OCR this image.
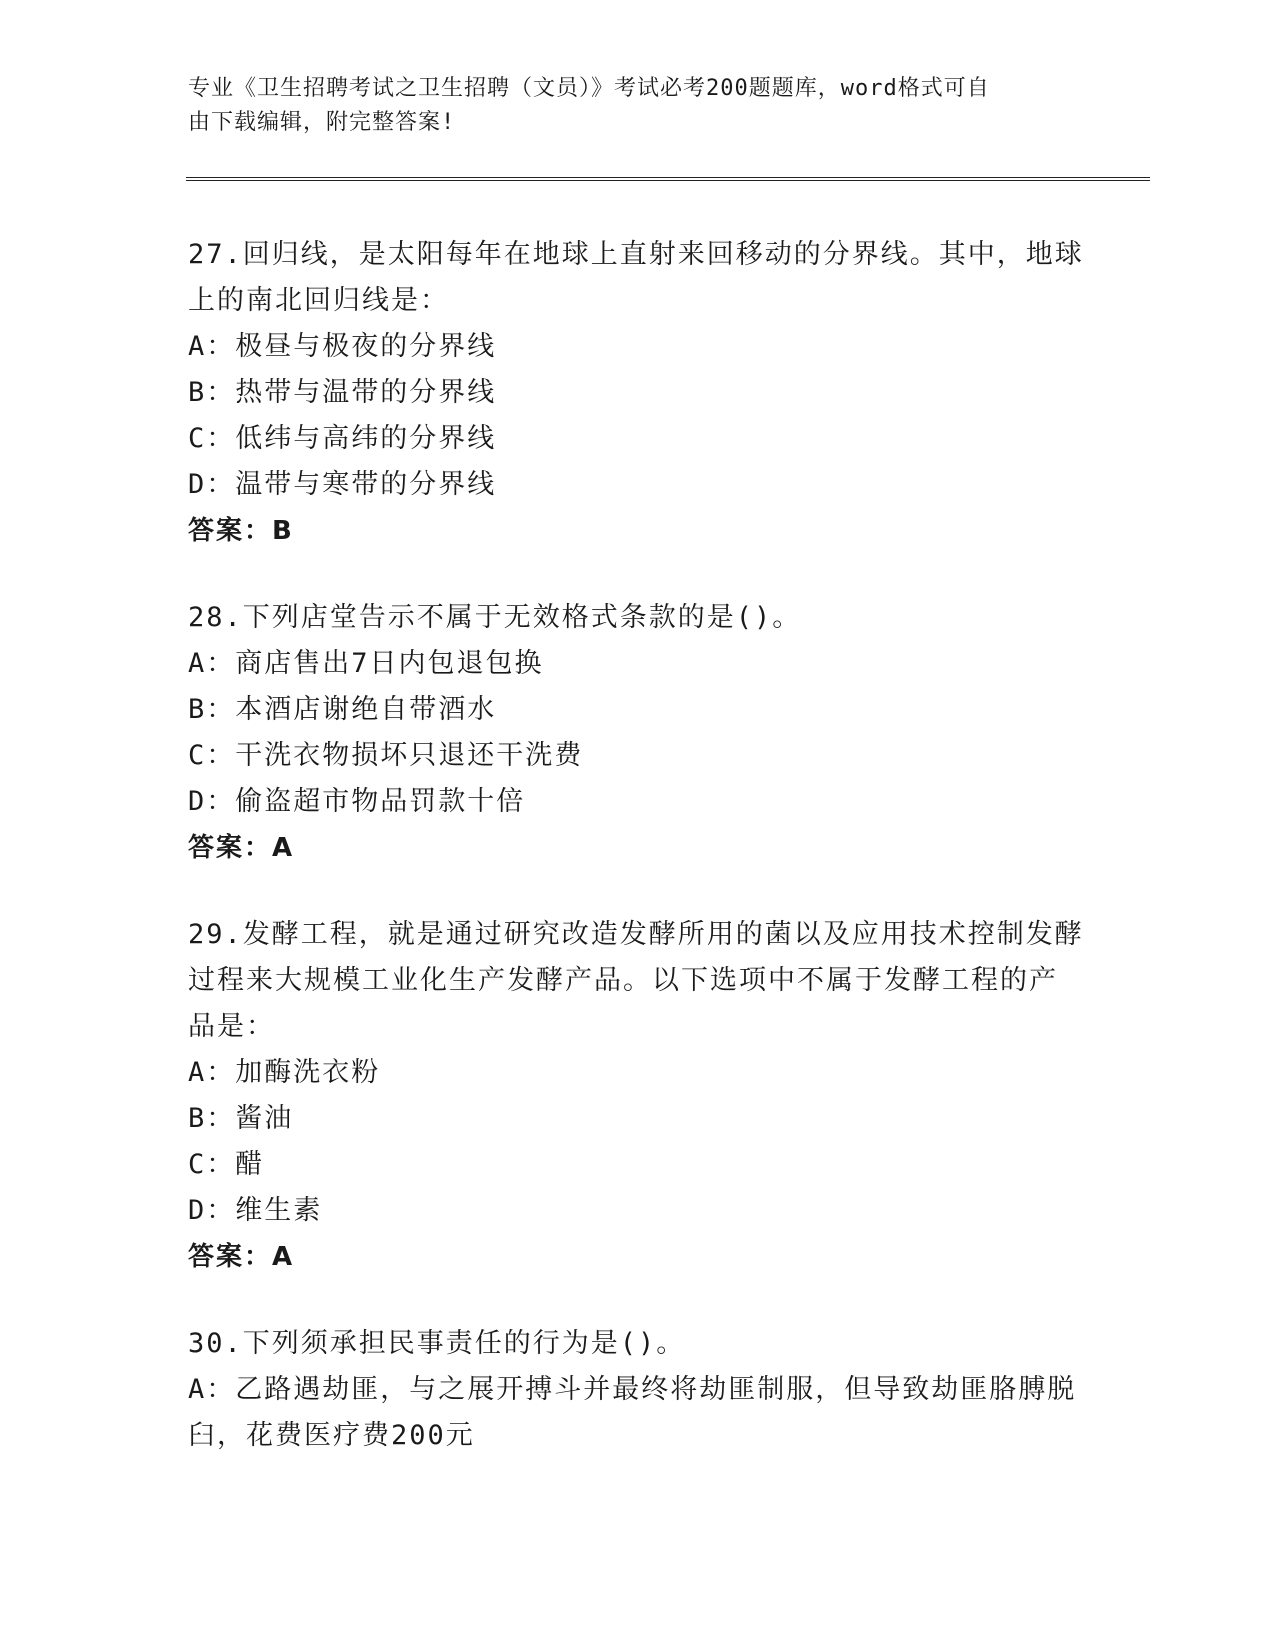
专业《卫生招聘考试之卫生招聘（文员）》考试必考200题题库，word格式可自
由下载编辑，附完整答案!
27.回归线，是太阳每年在地球上直射来回移动的分界线。其中，地球
上的南北回归线是：
A：极昼与极夜的分界线
B：热带与温带的分界线
C：低纬与高纬的分界线
D：温带与寒带的分界线
答案：B
28.下列店堂告示不属于无效格式条款的是()。
A：商店售出7日内包退包换
B：本酒店谢绝自带酒水
C：干洗衣物损坏只退还干洗费
D：偷盗超市物品罚款十倍
答案：A
29.发酵工程，就是通过研究改造发酵所用的菌以及应用技术控制发酵
过程来大规模工业化生产发酵产品。以下选项中不属于发酵工程的产
品是：
A：加酶洗衣粉
B：酱油
C：醋
D：维生素
答案：A
30.下列须承担民事责任的行为是()。
A：乙路遇劫匪，与之展开搏斗并最终将劫匪制服，但导致劫匪胳膊脱
臼，花费医疗费200元
